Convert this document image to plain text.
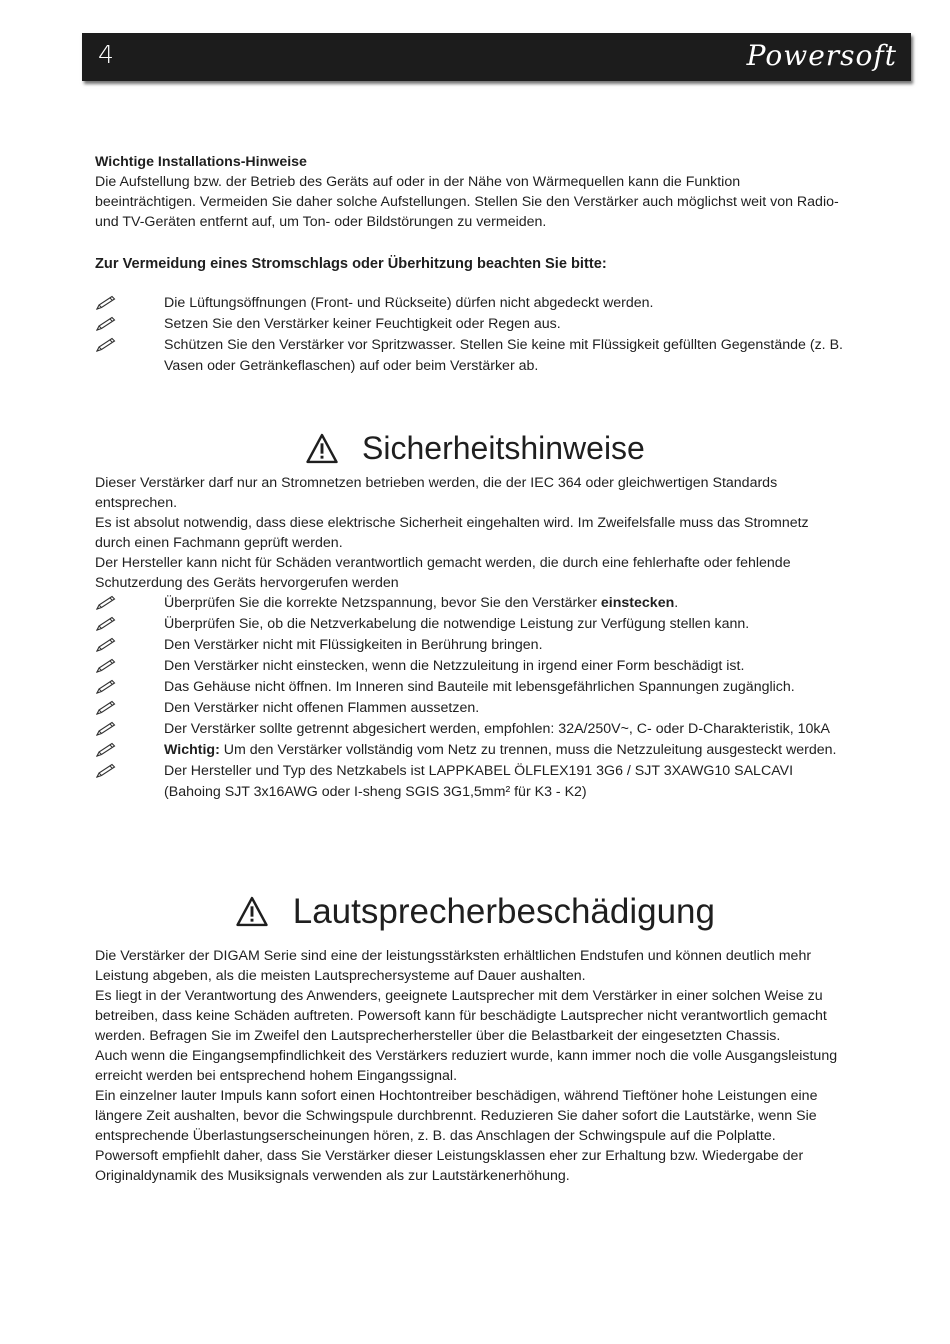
4	Powersoft
Wichtige Installations-Hinweise
Die Aufstellung bzw. der Betrieb des Geräts auf oder in der Nähe von Wärmequellen kann die Funktion
beeinträchtigen. Vermeiden Sie daher solche Aufstellungen. Stellen Sie den Verstärker auch möglichst weit von Radio-
und TV-Geräten entfernt auf, um Ton- oder Bildstörungen zu vermeiden.
Zur Vermeidung eines Stromschlags oder Überhitzung beachten Sie bitte:
Die Lüftungsöffnungen (Front- und Rückseite) dürfen nicht abgedeckt werden.
Setzen Sie den Verstärker keiner Feuchtigkeit oder Regen aus.
Schützen Sie den Verstärker vor Spritzwasser. Stellen Sie keine mit Flüssigkeit gefüllten Gegenstände (z. B.
Vasen oder Getränkeflaschen) auf oder beim Verstärker ab.
Sicherheitshinweise
Dieser Verstärker darf nur an Stromnetzen betrieben werden, die der IEC 364 oder gleichwertigen Standards
entsprechen.
Es ist absolut notwendig, dass diese elektrische Sicherheit eingehalten wird. Im Zweifelsfalle muss das Stromnetz
durch einen Fachmann geprüft werden.
Der Hersteller kann nicht für Schäden verantwortlich gemacht werden, die durch eine fehlerhafte oder fehlende
Schutzerdung des Geräts hervorgerufen werden
Überprüfen Sie die korrekte Netzspannung, bevor Sie den Verstärker einstecken.
Überprüfen Sie, ob die Netzverkabelung die notwendige Leistung zur Verfügung stellen kann.
Den Verstärker nicht mit Flüssigkeiten in Berührung bringen.
Den Verstärker nicht einstecken, wenn die Netzzuleitung in irgend einer Form beschädigt ist.
Das Gehäuse nicht öffnen. Im Inneren sind Bauteile mit lebensgefährlichen Spannungen zugänglich.
Den Verstärker nicht offenen Flammen aussetzen.
Der Verstärker sollte getrennt abgesichert werden, empfohlen: 32A/250V~, C- oder D-Charakteristik, 10kA
Wichtig: Um den Verstärker vollständig vom Netz zu trennen, muss die Netzzuleitung ausgesteckt werden.
Der Hersteller und Typ des Netzkabels ist LAPPKABEL ÖLFLEX191 3G6 / SJT 3XAWG10 SALCAVI
(Bahoing SJT 3x16AWG oder I-sheng SGIS 3G1,5mm² für K3 - K2)
Lautsprecherbeschädigung
Die Verstärker der DIGAM Serie sind eine der leistungsstärksten erhältlichen Endstufen und können deutlich mehr
Leistung abgeben, als die meisten Lautsprechersysteme auf Dauer aushalten.
Es liegt in der Verantwortung des Anwenders, geeignete Lautsprecher mit dem Verstärker in einer solchen Weise zu
betreiben, dass keine Schäden auftreten. Powersoft kann für beschädigte Lautsprecher nicht verantwortlich gemacht
werden. Befragen Sie im Zweifel den Lautsprecherhersteller über die Belastbarkeit der eingesetzten Chassis.
Auch wenn die Eingangsempfindlichkeit des Verstärkers reduziert wurde, kann immer noch die volle Ausgangsleistung
erreicht werden bei entsprechend hohem Eingangssignal.
Ein einzelner lauter Impuls kann sofort einen Hochtontreiber beschädigen, während Tieftöner hohe Leistungen eine
längere Zeit aushalten, bevor die Schwingspule durchbrennt. Reduzieren Sie daher sofort die Lautstärke, wenn Sie
entsprechende Überlastungserscheinungen hören, z. B. das Anschlagen der Schwingspule auf die Polplatte.
Powersoft empfiehlt daher, dass Sie Verstärker dieser Leistungsklassen eher zur Erhaltung bzw. Wiedergabe der
Originaldynamik des Musiksignals verwenden als zur Lautstärkenerhöhung.
